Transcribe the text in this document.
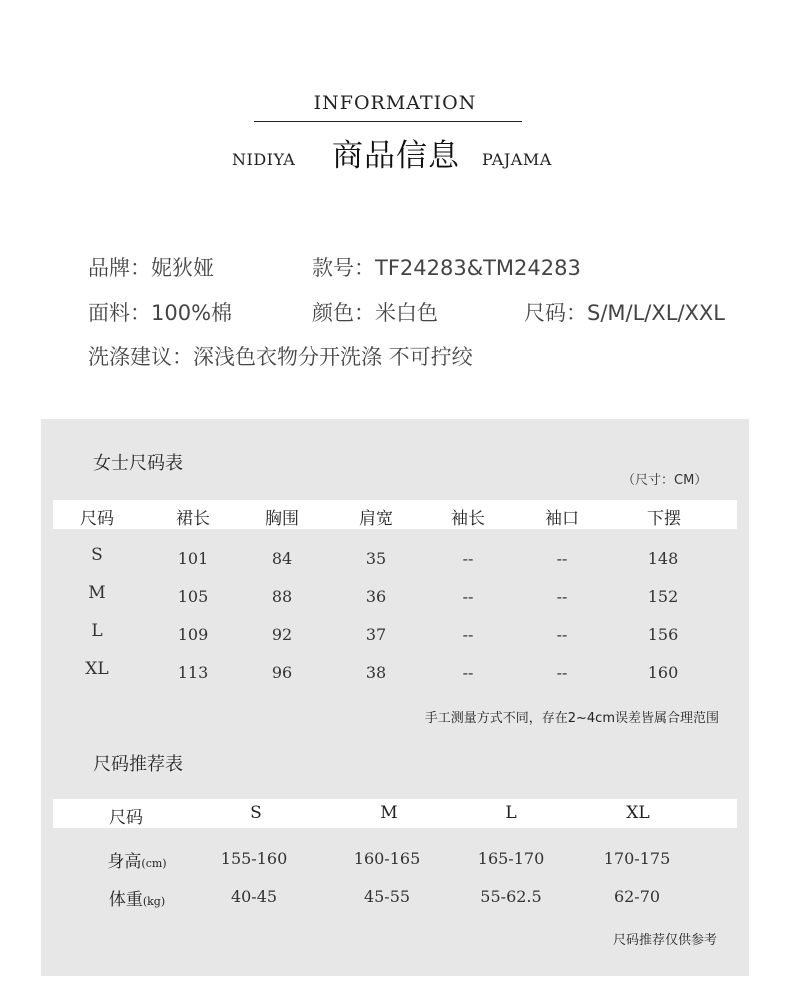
INFORMATION
NIDIYA 商品信息 PAJAMA
品牌：妮狄娅	款号：TF24283&TM24283
面料：100%棉	颜色：米白色	尺码：S/M/L/XL/XXL
洗涤建议：深浅色衣物分开洗涤 不可拧绞
女士尺码表
（尺寸：CM）
尺码	裙长	胸围	肩宽	袖长	袖口	下摆
S	101	84	35	--	--	148
M	105	88	36	--	--	152
L	109	92	37	--	--	156
XL	113	96	38	--	--	160
手工测量方式不同，存在2~4cm误差皆属合理范围
尺码推荐表
尺码	S	M	L	XL
身高(cm)	155-160	160-165	165-170	170-175
体重(kg)	40-45	45-55	55-62.5	62-70
尺码推荐仅供参考
